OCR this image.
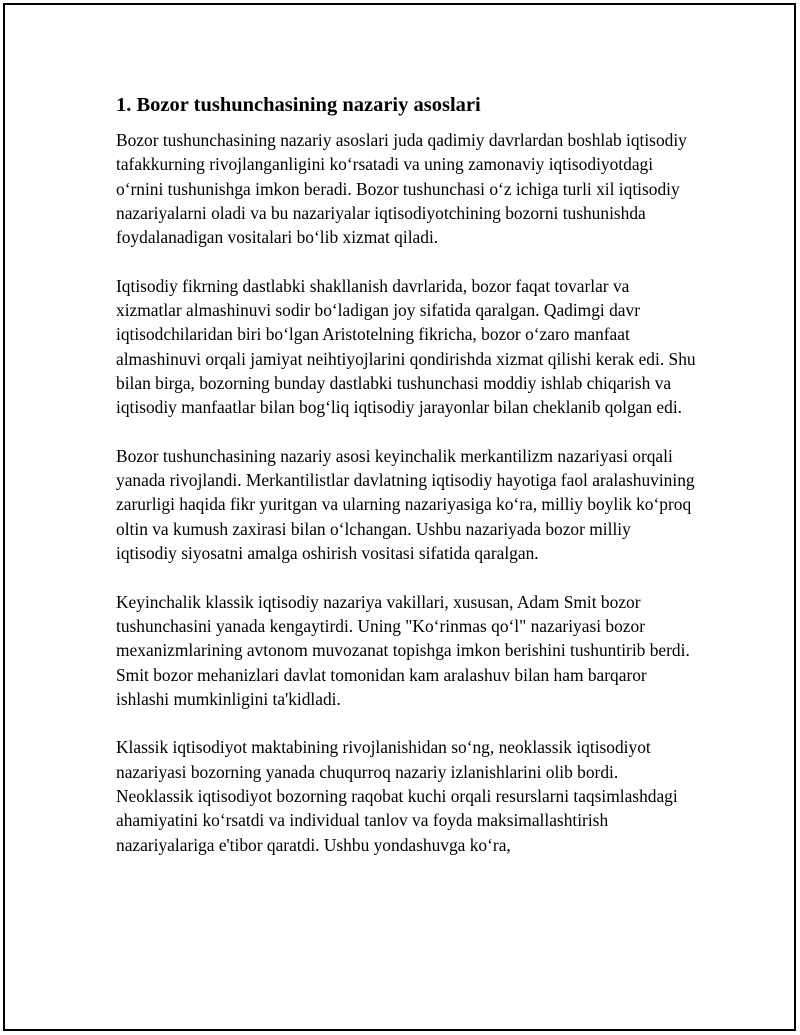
1. Bozor tushunchasining nazariy asoslari

Bozor tushunchasining nazariy asoslari juda qadimiy davrlardan boshlab iqtisodiy tafakkurning rivojlanganligini ko‘rsatadi va uning zamonaviy iqtisodiyotdagi o‘rnini tushunishga imkon beradi. Bozor tushunchasi o‘z ichiga turli xil iqtisodiy nazariyalarni oladi va bu nazariyalar iqtisodiyotchining bozorni tushunishda foydalanadigan vositalari bo‘lib xizmat qiladi.

Iqtisodiy fikrning dastlabki shakllanish davrlarida, bozor faqat tovarlar va xizmatlar almashinuvi sodir bo‘ladigan joy sifatida qaralgan. Qadimgi davr iqtisodchilaridan biri bo‘lgan Aristotelning fikricha, bozor o‘zaro manfaat almashinuvi orqali jamiyat neihtiyojlarini qondirishda xizmat qilishi kerak edi. Shu bilan birga, bozorning bunday dastlabki tushunchasi moddiy ishlab chiqarish va iqtisodiy manfaatlar bilan bog‘liq iqtisodiy jarayonlar bilan cheklanib qolgan edi.

Bozor tushunchasining nazariy asosi keyinchalik merkantilizm nazariyasi orqali yanada rivojlandi. Merkantilistlar davlatning iqtisodiy hayotiga faol aralashuvining zarurligi haqida fikr yuritgan va ularning nazariyasiga ko‘ra, milliy boylik ko‘proq oltin va kumush zaxirasi bilan o‘lchangan. Ushbu nazariyada bozor milliy iqtisodiy siyosatni amalga oshirish vositasi sifatida qaralgan.

Keyinchalik klassik iqtisodiy nazariya vakillari, xususan, Adam Smit bozor tushunchasini yanada kengaytirdi. Uning "Ko‘rinmas qo‘l" nazariyasi bozor mexanizmlarining avtonom muvozanat topishga imkon berishini tushuntirib berdi. Smit bozor mehanizlari davlat tomonidan kam aralashuv bilan ham barqaror ishlashi mumkinligini ta'kidladi.

Klassik iqtisodiyot maktabining rivojlanishidan so‘ng, neoklassik iqtisodiyot nazariyasi bozorning yanada chuqurroq nazariy izlanishlarini olib bordi. Neoklassik iqtisodiyot bozorning raqobat kuchi orqali resurslarni taqsimlashdagi ahamiyatini ko‘rsatdi va individual tanlov va foyda maksimallashtirish nazariyalariga e'tibor qaratdi. Ushbu yondashuvga ko‘ra,
